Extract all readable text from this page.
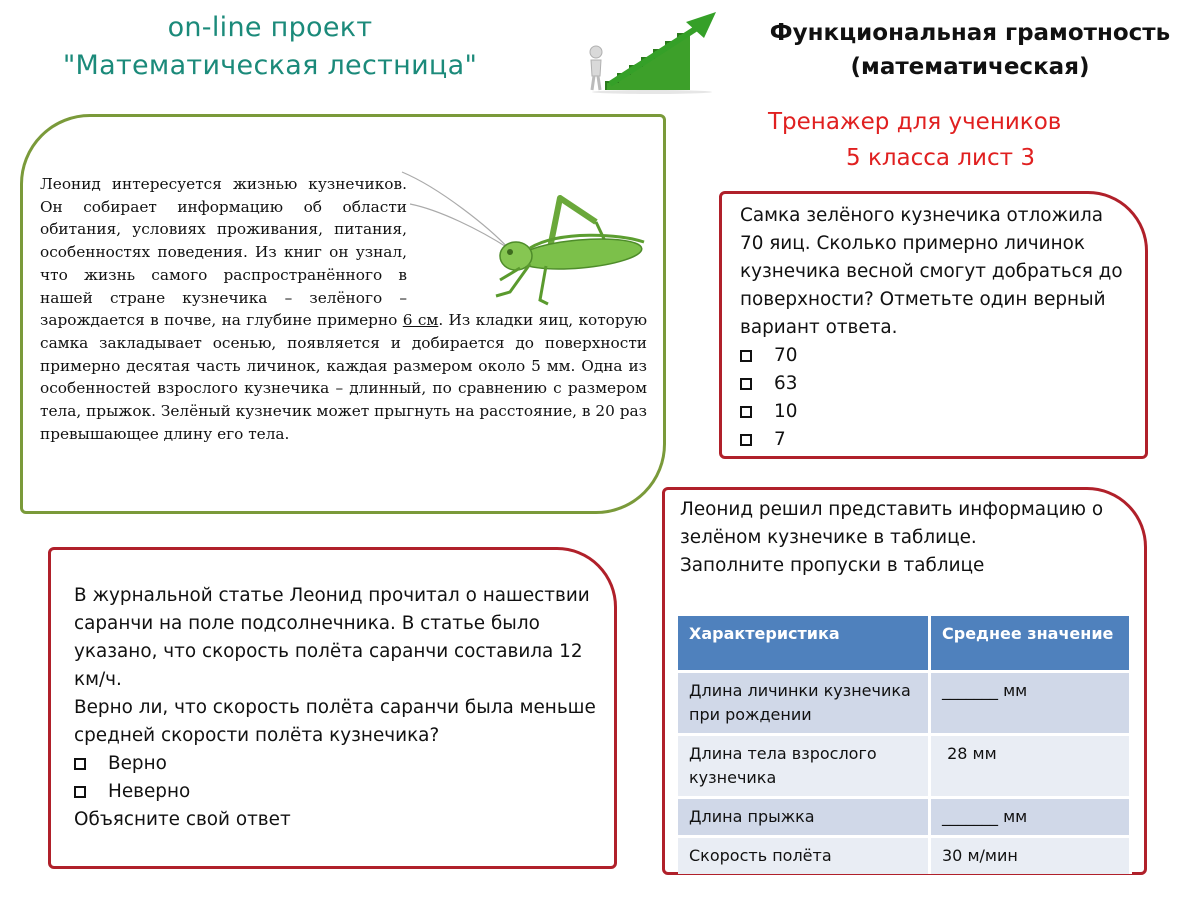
on-line проект
"Математическая лестница"
Функциональная грамотность
(математическая)
Тренажер для учеников
5 класса лист 3

Леонид интересуется жизнью кузнечиков. Он собирает информацию об области обитания, условиях проживания, питания, особенностях поведения. Из книг он узнал, что жизнь самого распространённого в нашей стране кузнечика – зелёного – зарождается в почве, на глубине примерно 6 см. Из кладки яиц, которую самка закладывает осенью, появляется и добирается до поверхности примерно десятая часть личинок, каждая размером около 5 мм. Одна из особенностей взрослого кузнечика – длинный, по сравнению с размером тела, прыжок. Зелёный кузнечик может прыгнуть на расстояние, в 20 раз превышающее длину его тела.

Самка зелёного кузнечика отложила 70 яиц. Сколько примерно личинок кузнечика весной смогут добраться до поверхности? Отметьте один верный вариант ответа.

70
63
10
7

Леонид решил представить информацию о зелёном кузнечике в таблице.

Заполните пропуски в таблице

Характеристика	Среднее значение
Длина личинки кузнечика при рождении	_______ мм
Длина тела взрослого кузнечика	28 мм
Длина прыжка	_______ мм
Скорость полёта	30 м/мин

В журнальной статье Леонид прочитал о нашествии саранчи на поле подсолнечника. В статье было указано, что скорость полёта саранчи составила 12 км/ч.

Верно ли, что скорость полёта саранчи была меньше средней скорости полёта кузнечика?

Верно
Неверно

Объясните свой ответ
